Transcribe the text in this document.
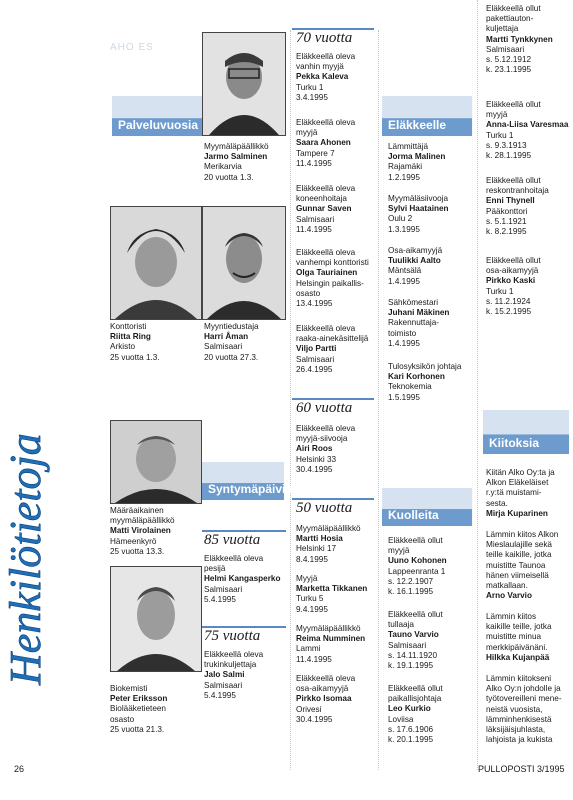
Henkilötietoja
AHO ES
Palveluvuosia
Syntymäpäiviä
Eläkkeelle
Kuolleita
Kiitoksia
Konttoristi
Riitta Ring
Arkisto
25 vuotta 1.3.
Määräaikainen
myymäläpäällikkö
Matti Virolainen
Hämeenkyrö
25 vuotta 13.3.
Biokemisti
Peter Eriksson
Biolääketieteen
osasto
25 vuotta 21.3.
Myymäläpäällikkö
Jarmo Salminen
Merikarvia
20 vuotta 1.3.
Myyntiedustaja
Harri Åman
Salmisaari
20 vuotta 27.3.
85 vuotta
Eläkkeellä oleva
pesijä
Helmi Kangasperko
Salmisaari
5.4.1995
75 vuotta
Eläkkeellä oleva
trukinkuljettaja
Jalo Salmi
Salmisaari
5.4.1995
70 vuotta
Eläkkeellä oleva
vanhin myyjä
Pekka Kaleva
Turku 1
3.4.1995
Eläkkeellä oleva
myyjä
Saara Ahonen
Tampere 7
11.4.1995
Eläkkeellä oleva
koneenhoitaja
Gunnar Saven
Salmisaari
11.4.1995
Eläkkeellä oleva
vanhempi konttoristi
Olga Tauriainen
Helsingin paikallis-
osasto
13.4.1995
Eläkkeellä oleva
raaka-ainekäsittelijä
Viljo Partti
Salmisaari
26.4.1995
60 vuotta
Eläkkeellä oleva
myyjä-siivooja
Airi Roos
Helsinki 33
30.4.1995
50 vuotta
Myymäläpäällikkö
Martti Hosia
Helsinki 17
8.4.1995
Myyjä
Marketta Tikkanen
Turku 5
9.4.1995
Myymäläpäällikkö
Reima Numminen
Lammi
11.4.1995
Eläkkeellä oleva
osa-aikamyyjä
Pirkko Isomaa
Orivesi
30.4.1995
Lämmittäjä
Jorma Malinen
Rajamäki
1.2.1995
Myymäläsiivooja
Sylvi Haatainen
Oulu 2
1.3.1995
Osa-aikamyyjä
Tuulikki Aalto
Mäntsälä
1.4.1995
Sähkömestari
Juhani Mäkinen
Rakennuttaja-
toimisto
1.4.1995
Tulosyksikön johtaja
Kari Korhonen
Teknokemia
1.5.1995
Eläkkeellä ollut
myyjä
Uuno Kohonen
Lappeenranta 1
s. 12.2.1907
k. 16.1.1995
Eläkkeellä ollut
tullaaja
Tauno Varvio
Salmisaari
s. 14.11.1920
k. 19.1.1995
Eläkkeellä ollut
paikallisjohtaja
Leo Kurkio
Loviisa
s. 17.6.1906
k. 20.1.1995
Eläkkeellä ollut
pakettiauton-
kuljettaja
Martti Tynkkynen
Salmisaari
s. 5.12.1912
k. 23.1.1995
Eläkkeellä ollut
myyjä
Anna-Liisa Varesmaa
Turku 1
s. 9.3.1913
k. 28.1.1995
Eläkkeellä ollut
reskontranhoitaja
Enni Thynell
Pääkonttori
s. 5.1.1921
k. 8.2.1995
Eläkkeellä ollut
osa-aikamyyjä
Pirkko Kaski
Turku 1
s. 11.2.1924
k. 15.2.1995
Kiitän Alko Oy:ta ja
Alkon Eläkeläiset
r.y:tä muistami-
sesta.
Mirja Kuparinen
Lämmin kiitos Alkon
Mieslaulajille sekä
teille kaikille, jotka
muistitte Taunoa
hänen viimeisellä
matkallaan.
Arno Varvio
Lämmin kiitos
kaikille teille, jotka
muistitte minua
merkkipäivänäni.
Hilkka Kujanpää
Lämmin kiitokseni
Alko Oy:n johdolle ja
työtovereilleni mene-
neistä vuosista,
lämminhenkisestä
läksijäisjuhlasta,
lahjoista ja kukista
26	PULLOPOSTI 3/1995
